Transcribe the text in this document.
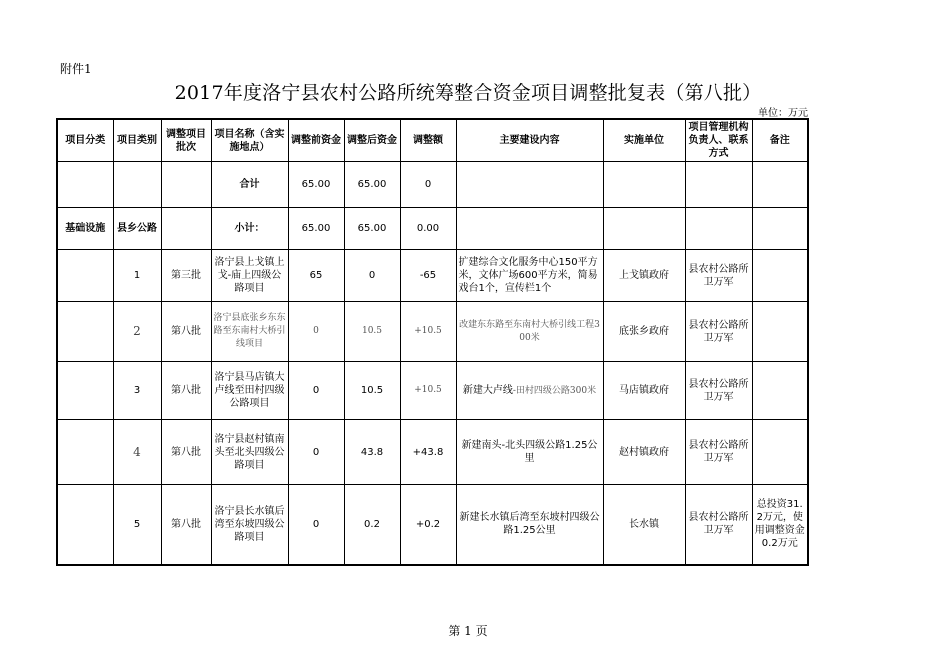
附件1
2017年度洛宁县农村公路所统筹整合资金项目调整批复表（第八批）
单位：万元
项目分类	项目类别	调整项目批次	项目名称（含实施地点）	调整前资金	调整后资金	调整额	主要建设内容	实施单位	项目管理机构负责人、联系方式	备注
			合计	65.00	65.00	0				
基础设施	县乡公路		小计：	65.00	65.00	0.00				
	1	第三批	洛宁县上戈镇上戈-庙上四级公路项目	65	0	-65	扩建综合文化服务中心150平方米，文体广场600平方米，简易戏台1个，宣传栏1个	上戈镇政府	县农村公路所卫万军	
	2	第八批	洛宁县底张乡东东路至东南村大桥引线项目	0	10.5	+10.5	改建东东路至东南村大桥引线工程300米	底张乡政府	县农村公路所卫万军	
	3	第八批	洛宁县马店镇大卢线至田村四级公路项目	0	10.5	+10.5	新建大卢线-田村四级公路300米	马店镇政府	县农村公路所卫万军	
	4	第八批	洛宁县赵村镇南头至北头四级公路项目	0	43.8	+43.8	新建南头-北头四级公路1.25公里	赵村镇政府	县农村公路所卫万军	
	5	第八批	洛宁县长水镇后湾至东坡四级公路项目	0	0.2	+0.2	新建长水镇后湾至东坡村四级公路1.25公里	长水镇	县农村公路所卫万军	总投资31.2万元，使用调整资金0.2万元
第 1 页
